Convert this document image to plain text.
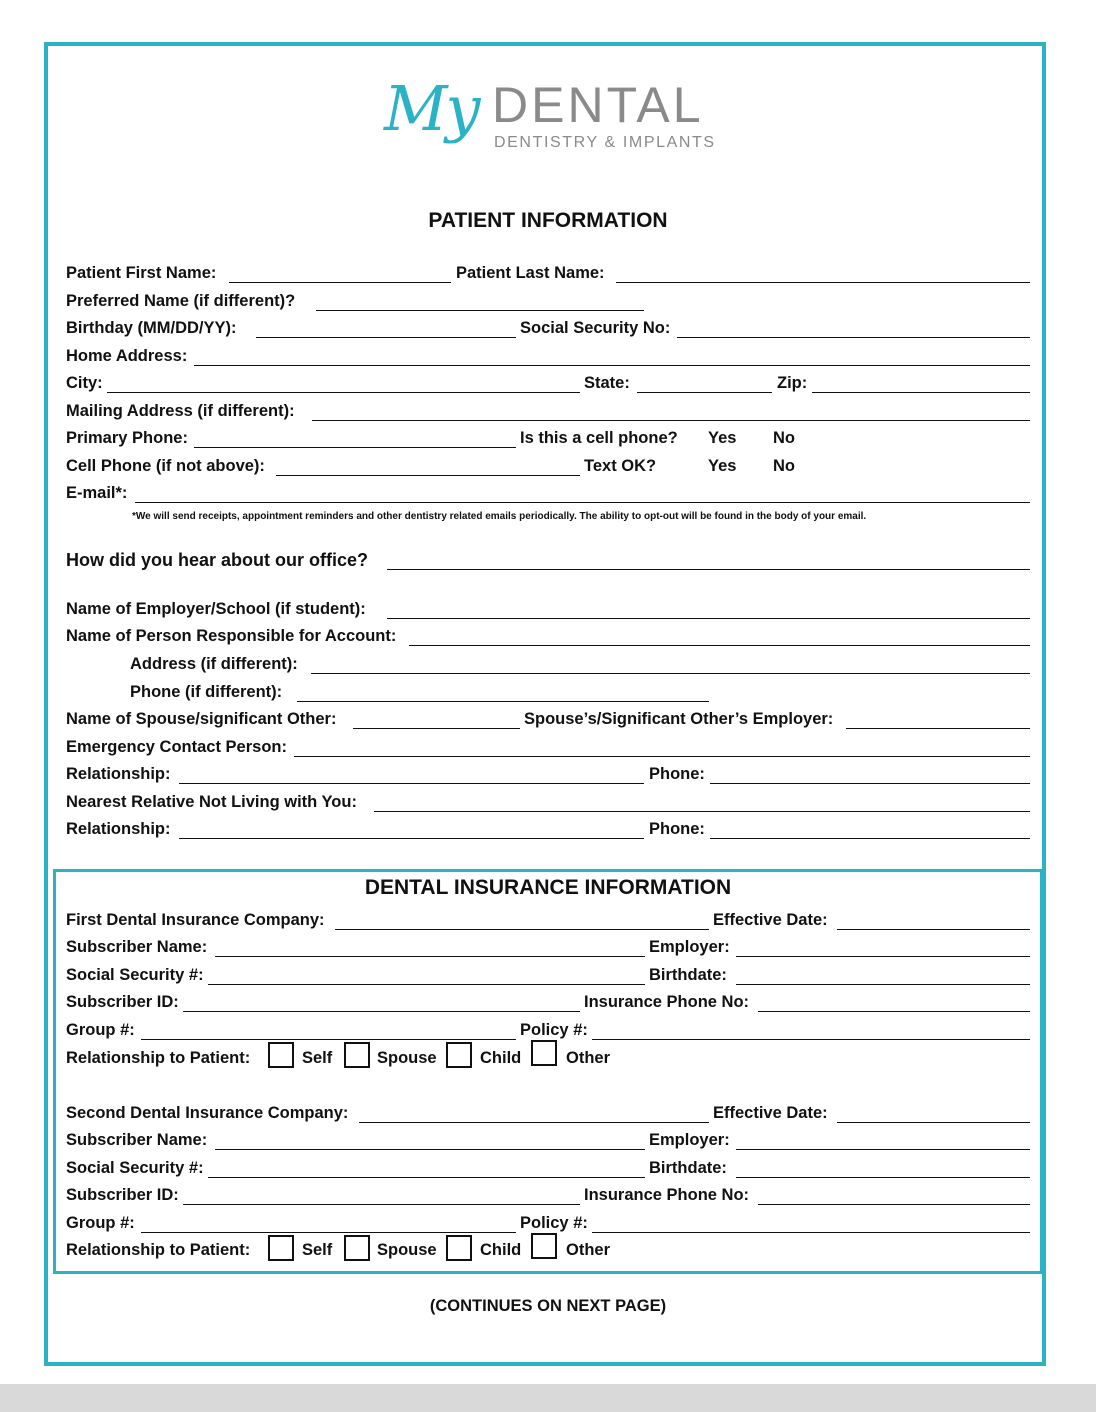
My DENTAL
DENTISTRY & IMPLANTS
PATIENT INFORMATION
Patient First Name:	Patient Last Name:
Preferred Name (if different)?
Birthday (MM/DD/YY):	Social Security No:
Home Address:
City:	State:	Zip:
Mailing Address (if different):
Primary Phone:	Is this a cell phone? Yes No
Cell Phone (if not above):	Text OK?	Yes No
E-mail*:
*We will send receipts, appointment reminders and other dentistry related emails periodically. The ability to opt-out will be found in the body of your email.
How did you hear about our office?
Name of Employer/School (if student):
Name of Person Responsible for Account:
Address (if different):
Phone (if different):
Name of Spouse/significant Other:	Spouse’s/Significant Other’s Employer:
Emergency Contact Person:
Relationship:	Phone:
Nearest Relative Not Living with You:
Relationship:	Phone:
DENTAL INSURANCE INFORMATION
First Dental Insurance Company:	Effective Date:
Subscriber Name:	Employer:
Social Security #:	Birthdate:
Subscriber ID:	Insurance Phone No:
Group #:	Policy #:
Relationship to Patient:	Self	Spouse	Child	Other
Second Dental Insurance Company:	Effective Date:
Subscriber Name:	Employer:
Social Security #:	Birthdate:
Subscriber ID:	Insurance Phone No:
Group #:	Policy #:
Relationship to Patient:	Self	Spouse	Child	Other
(CONTINUES ON NEXT PAGE)
